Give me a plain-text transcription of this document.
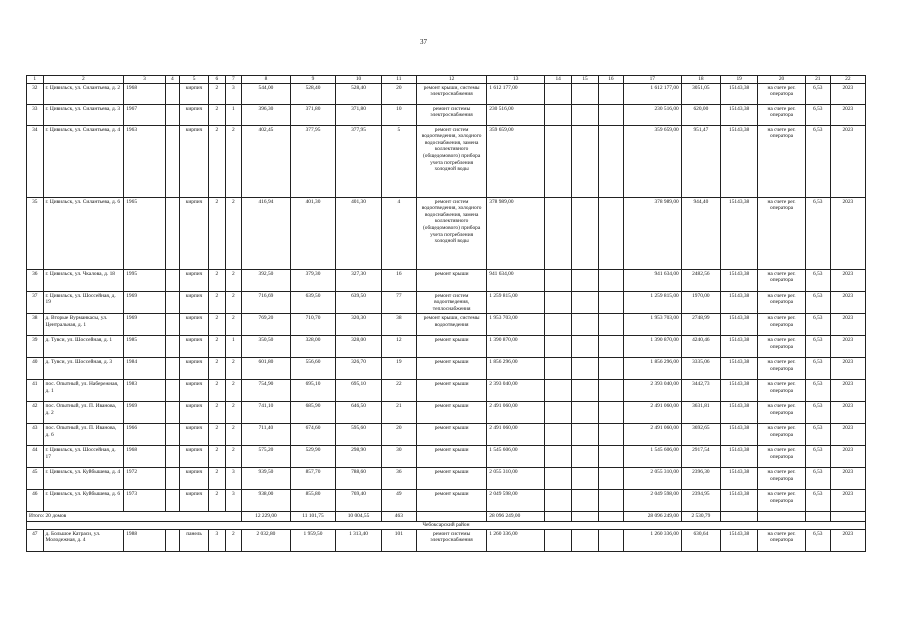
37
1	2	3	4	5	6	7	8	9	10	11	12	13	14	15	16	17	18	19	20	21	22
32	г. Цивильск, ул. Силантьева, д. 2	1968		кирпич	2	3	544,00	528,40	528,40	20	ремонт крыши, системы электроснабжения	1 612 177,00				1 612 177,00	3051,05	15143,38	на счете рег. оператора	6,53	2023
33	г. Цивильск, ул. Силантьева, д. 3	1967		кирпич	2	1	396,30	371,80	371,80	10	ремонт системы электроснабжения	230 516,00				230 516,00	620,00	15143,38	на счете рег. оператора	6,53	2023
34	г. Цивильск, ул. Силантьева, д. 4	1963		кирпич	2	2	402,45	377,95	377,95	5	ремонт систем водоотведения, холодного водоснабжения, замена коллективного (общедомового) прибора учета потребления холодной воды	359 659,00				359 659,00	951,47	15143,38	на счете рег. оператора	6,53	2023
35	г. Цивильск, ул. Силантьева, д. 6	1965		кирпич	2	2	416,94	401,30	401,30	4	ремонт систем водоотведения, холодного водоснабжения, замена коллективного (общедомового) прибора учета потребления холодной воды	378 989,00				378 989,00	944,40	15143,38	на счете рег. оператора	6,53	2023
36	г. Цивильск, ул. Чкалова, д. 18	1995		кирпич	2	2	392,50	379,30	327,30	16	ремонт крыши	941 634,00				941 634,00	2482,56	15143,38	на счете рег. оператора	6,53	2023
37	г. Цивильск, ул. Шоссейная, д. 19	1969		кирпич	2	2	716,69	639,50	639,50	77	ремонт систем водоотведения, теплоснабжения	1 259 815,00				1 259 815,00	1970,00	15143,38	на счете рег. оператора	6,53	2023
38	д. Вторые Вурманкасы, ул. Центральная, д. 1	1969		кирпич	2	2	769,20	710,70	320,30	38	ремонт крыши, системы водоотведения	1 953 703,00				1 953 703,00	2748,99	15143,38	на счете рег. оператора	6,53	2023
39	д. Тувси, ул. Шоссейная, д. 1	1985		кирпич	2	1	350,50	328,00	328,00	12	ремонт крыши	1 390 870,00				1 390 870,00	4240,46	15143,38	на счете рег. оператора	6,53	2023
40	д. Тувси, ул. Шоссейная, д. 3	1984		кирпич	2	2	601,80	556,60	326,70	19	ремонт крыши	1 856 296,00				1 856 296,00	3335,06	15143,38	на счете рег. оператора	6,53	2023
41	пос. Опытный, ул. Набережная, д. 1	1983		кирпич	2	2	754,90	695,10	695,10	22	ремонт крыши	2 393 040,00				2 393 040,00	3442,73	15143,38	на счете рег. оператора	6,53	2023
42	пос. Опытный, ул. П. Иванова, д. 2	1969		кирпич	2	2	741,10	685,90	646,50	21	ремонт крыши	2 491 060,00				2 491 060,00	3631,81	15143,38	на счете рег. оператора	6,53	2023
43	пос. Опытный, ул. П. Иванова, д. 6	1966		кирпич	2	2	711,40	674,60	595,60	20	ремонт крыши	2 491 060,00				2 491 060,00	3692,65	15143,38	на счете рег. оператора	6,53	2023
44	г. Цивильск, ул. Шоссейная, д. 17	1968		кирпич	2	2	575,20	529,90	298,90	30	ремонт крыши	1 545 606,00				1 545 606,00	2917,54	15143,38	на счете рег. оператора	6,53	2023
45	г. Цивильск, ул. Куйбышева, д. 4	1972		кирпич	2	3	939,50	857,70	788,60	36	ремонт крыши	2 055 310,00				2 055 310,00	2396,30	15143,38	на счете рег. оператора	6,53	2023
46	г. Цивильск, ул. Куйбышева, д. 6	1973		кирпич	2	3	938,00	855,80	769,40	49	ремонт крыши	2 049 598,00				2 049 598,00	2394,95	15143,38	на счете рег. оператора	6,53	2023
Итого: 20 домов							12 229,00	11 101,75	10 004,55	463		28 096 249,00				28 096 249,00	2 530,79				
Чебоксарский район																					
47	д. Большое Катраси, ул. Молодежная, д. 4	1988		панель	3	2	2 032,80	1 959,50	1 313,40	101	ремонт системы электроснабжения	1 260 336,00				1 260 336,00	630,64	15143,38	на счете рег. оператора	6,53	2023
